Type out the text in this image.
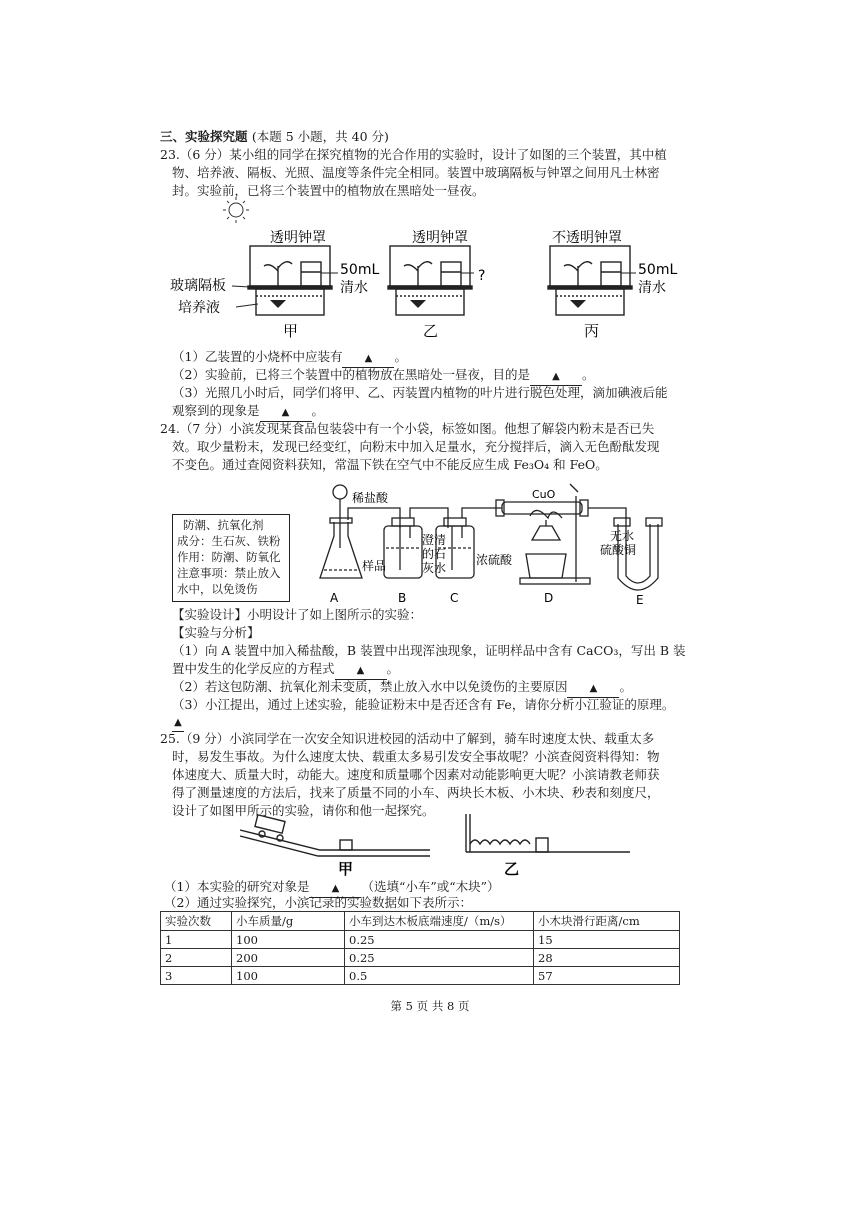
三、实验探究题 (本题 5 小题，共 40 分)
23.（6 分）某小组的同学在探究植物的光合作用的实验时，设计了如图的三个装置，其中植
物、培养液、隔板、光照、温度等条件完全相同。装置中玻璃隔板与钟罩之间用凡士林密
封。实验前，已将三个装置中的植物放在黑暗处一昼夜。
透明钟罩
50mL
清水
玻璃隔板
培养液
甲
透明钟罩
?
乙
不透明钟罩
50mL
清水
丙
（1）乙装置的小烧杯中应装有 ▲ 。
（2）实验前，已将三个装置中的植物放在黑暗处一昼夜，目的是 ▲ 。
（3）光照几小时后，同学们将甲、乙、丙装置内植物的叶片进行脱色处理，滴加碘液后能
观察到的现象是 ▲ 。
24.（7 分）小滨发现某食品包装袋中有一个小袋，标签如图。他想了解袋内粉末是否已失
效。取少量粉末，发现已经变红，向粉末中加入足量水，充分搅拌后，滴入无色酚酞发现
不变色。通过查阅资料获知，常温下铁在空气中不能反应生成 Fe₃O₄ 和 FeO。
防潮、抗氧化剂
成分：生石灰、铁粉
作用：防潮、防氧化
注意事项：禁止放入
水中，以免烫伤
稀盐酸	CuO
样品
澄清
的石
灰水
浓硫酸
无水
硫酸铜
A	B	C	D	E
【实验设计】小明设计了如上图所示的实验：
【实验与分析】
（1）向 A 装置中加入稀盐酸，B 装置中出现浑浊现象，证明样品中含有 CaCO₃，写出 B 装
置中发生的化学反应的方程式 ▲ 。
（2）若这包防潮、抗氧化剂未变质，禁止放入水中以免烫伤的主要原因 ▲ 。
（3）小江提出，通过上述实验，能验证粉末中是否还含有 Fe，请你分析小江验证的原理。
▲
25.（9 分）小滨同学在一次安全知识进校园的活动中了解到，骑车时速度太快、载重太多
时，易发生事故。为什么速度太快、载重太多易引发安全事故呢？小滨查阅资料得知：物
体速度大、质量大时，动能大。速度和质量哪个因素对动能影响更大呢？小滨请教老师获
得了测量速度的方法后，找来了质量不同的小车、两块长木板、小木块、秒表和刻度尺，
设计了如图甲所示的实验，请你和他一起探究。
甲	乙
（1）本实验的研究对象是 ▲ （选填“小车”或“木块”）
（2）通过实验探究，小滨记录的实验数据如下表所示：
实验次数	小车质量/g	小车到达木板底端速度/（m/s）	小木块滑行距离/cm
1	100	0.25	15
2	200	0.25	28
3	100	0.5	57
第 5 页 共 8 页
